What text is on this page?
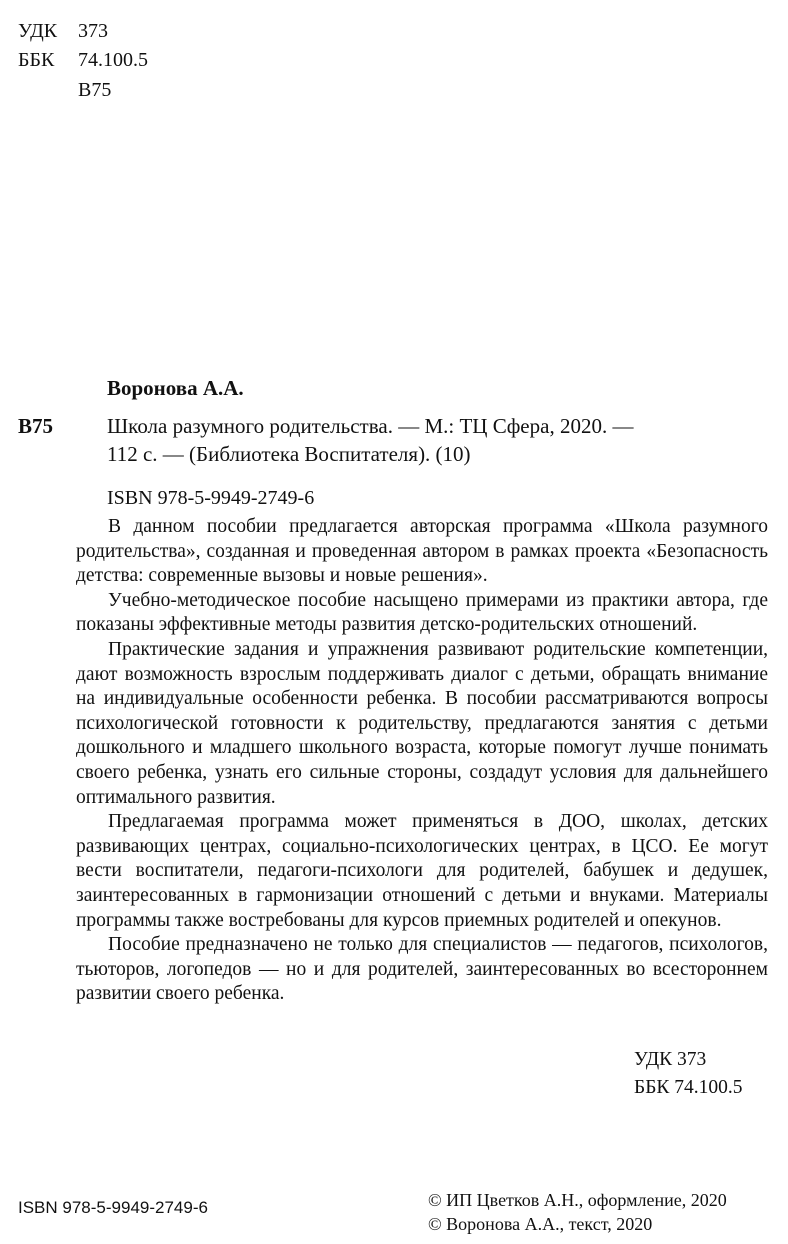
УДК 373
ББК 74.100.5
В75
Воронова А.А.
В75	Школа разумного родительства. — М.: ТЦ Сфера, 2020. —
112 с. — (Библиотека Воспитателя). (10)
ISBN 978-5-9949-2749-6

В данном пособии предлагается авторская программа «Школа разумного родительства», созданная и проведенная автором в рамках проекта «Безопасность детства: современные вызовы и новые решения».

Учебно-методическое пособие насыщено примерами из практики автора, где показаны эффективные методы развития детско-родительских отношений.

Практические задания и упражнения развивают родительские компетенции, дают возможность взрослым поддерживать диалог с детьми, обращать внимание на индивидуальные особенности ребенка. В пособии рассматриваются вопросы психологической готовности к родительству, предлагаются занятия с детьми дошкольного и младшего школьного возраста, которые помогут лучше понимать своего ребенка, узнать его сильные стороны, создадут условия для дальнейшего оптимального развития.

Предлагаемая программа может применяться в ДОО, школах, детских развивающих центрах, социально-психологических центрах, в ЦСО. Ее могут вести воспитатели, педагоги-психологи для родителей, бабушек и дедушек, заинтересованных в гармонизации отношений с детьми и внуками. Материалы программы также востребованы для курсов приемных родителей и опекунов.

Пособие предназначено не только для специалистов — педагогов, психологов, тьюторов, логопедов — но и для родителей, заинтересованных во всестороннем развитии своего ребенка.

УДК 373
ББК 74.100.5
ISBN 978-5-9949-2749-6	© ИП Цветков А.Н., оформление, 2020
© Воронова А.А., текст, 2020
